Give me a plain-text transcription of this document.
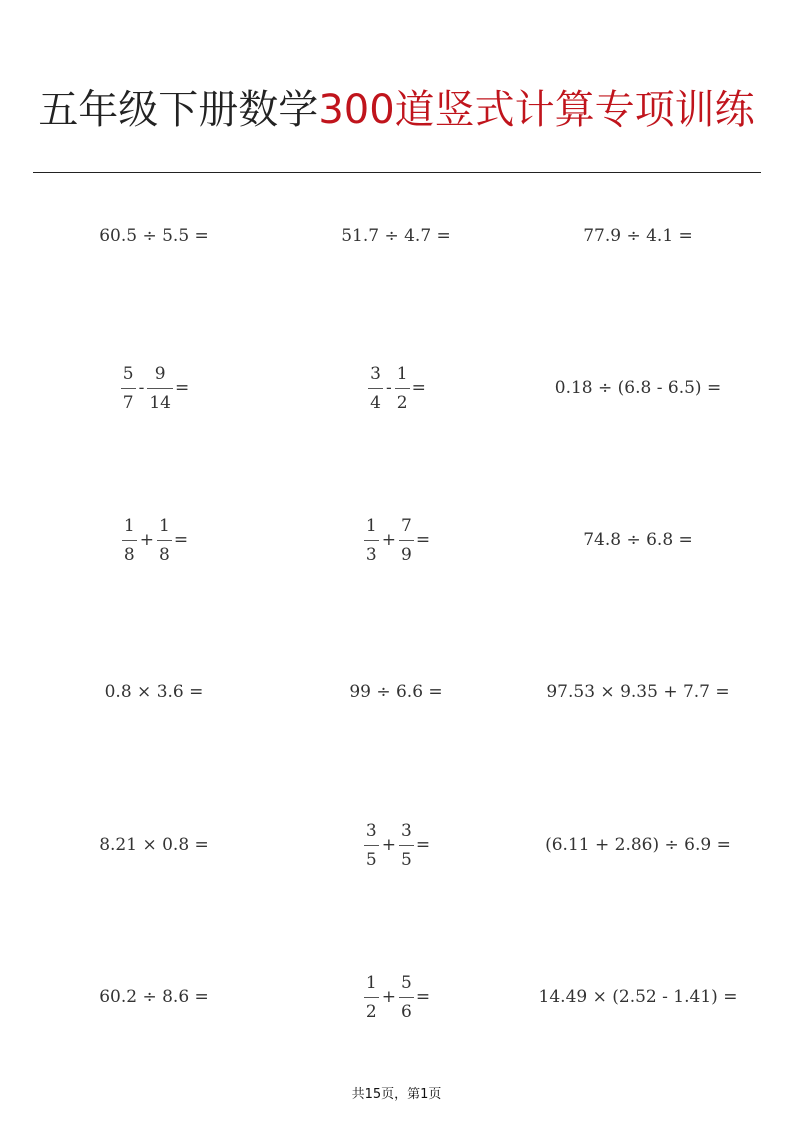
五年级下册数学300道竖式计算专项训练
60.5 ÷ 5.5 =	51.7 ÷ 4.7 =	77.9 ÷ 4.1 =
$\frac{5}{7} - \frac{9}{14}$ =	$\frac{3}{4} - \frac{1}{2}$ =	0.18 ÷ (6.8 - 6.5) =
$\frac{1}{8} + \frac{1}{8}$ =	$\frac{1}{3} + \frac{7}{9}$ =	74.8 ÷ 6.8 =
0.8 × 3.6 =	99 ÷ 6.6 =	97.53 × 9.35 + 7.7 =
8.21 × 0.8 =	$\frac{3}{5} + \frac{3}{5}$ =	(6.11 + 2.86) ÷ 6.9 =
60.2 ÷ 8.6 =	$\frac{1}{2} + \frac{5}{6}$ =	14.49 × (2.52 - 1.41) =
共15页，第1页
